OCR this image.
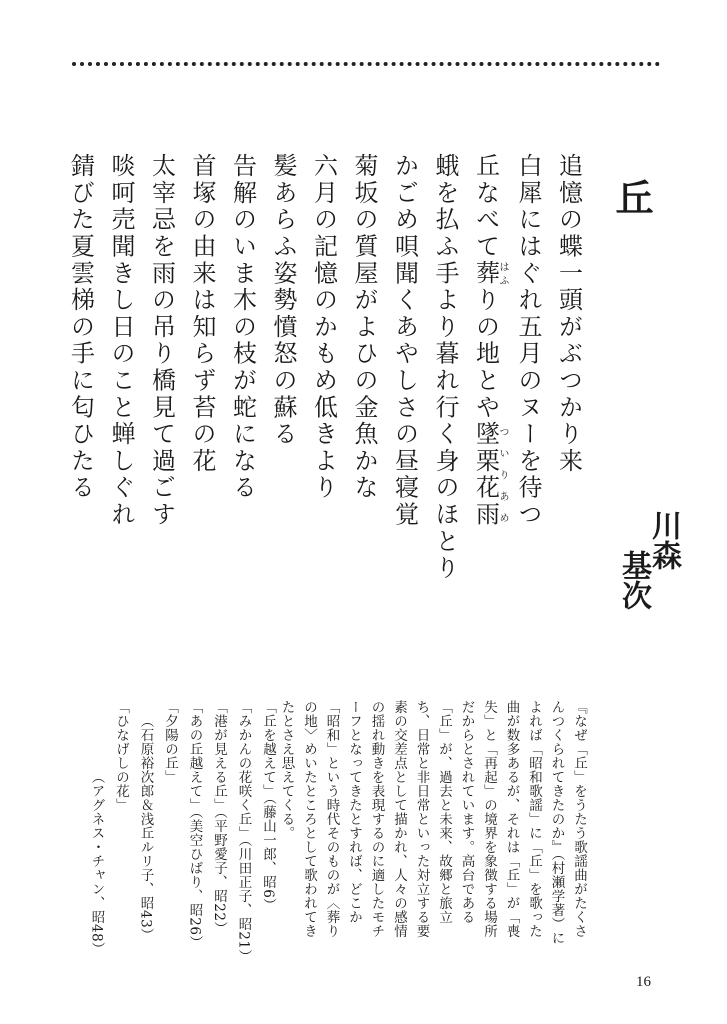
丘
川森
基次
追憶の蝶一頭がぶつかり来
白犀にはぐれ五月のヌーを待つ
丘なべて葬はふりの地とや墜栗花雨ついりあめ
蛾を払ふ手より暮れ行く身のほとり
かごめ唄聞くあやしさの昼寝覚
菊坂の質屋がよひの金魚かな
六月の記憶のかもめ低きより
髪あらふ姿勢憤怒の蘇る
告解のいま木の枝が蛇になる
首塚の由来は知らず苔の花
太宰忌を雨の吊り橋見て過ごす
啖呵売聞きし日のこと蝉しぐれ
錆びた夏雲梯の手に匂ひたる

『なぜ「丘」をうたう歌謡曲がたくさんつくられてきたのか』（村瀬学著）によれば「昭和歌謡」に「丘」を歌った曲が数多あるが、それは「丘」が「喪失」と「再起」の境界を象徴する場所だからとされています。高台である「丘」が、過去と未来、故郷と旅立ち、日常と非日常といった対立する要素の交差点として描かれ、人々の感情の揺れ動きを表現するのに適したモチーフとなってきたとすれば、どこか「昭和」という時代そのものが〈葬りの地〉めいたところとして歌われてきたとさえ思えてくる。

「丘を越えて」（藤山一郎、昭6）
「みかんの花咲く丘」（川田正子、昭21）
「港が見える丘」（平野愛子、昭22）
「あの丘越えて」（美空ひばり、昭26）
「夕陽の丘」
（石原裕次郎＆浅丘ルリ子、昭43）
「ひなげしの花」
（アグネス・チャン、昭48）
16
